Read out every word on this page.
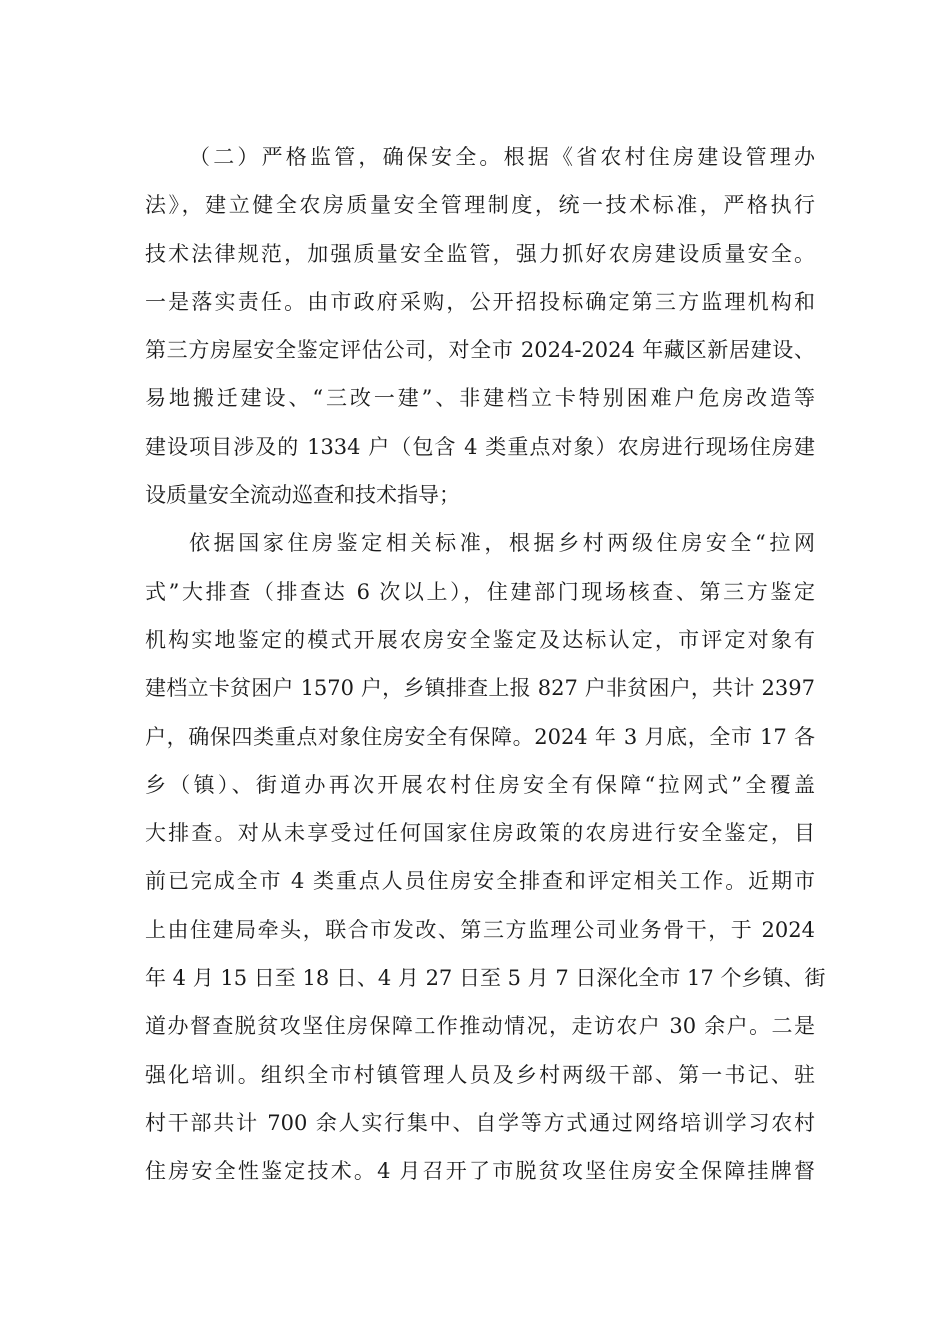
（二）严格监管，确保安全。根据《省农村住房建设管理办
法》，建立健全农房质量安全管理制度，统一技术标准，严格执行
技术法律规范，加强质量安全监管，强力抓好农房建设质量安全。
一是落实责任。由市政府采购，公开招投标确定第三方监理机构和
第三方房屋安全鉴定评估公司，对全市 2024-2024 年藏区新居建设、
易地搬迁建设、“三改一建”、非建档立卡特别困难户危房改造等
建设项目涉及的 1334 户（包含 4 类重点对象）农房进行现场住房建
设质量安全流动巡查和技术指导；
依据国家住房鉴定相关标准，根据乡村两级住房安全“拉网
式”大排查（排查达 6 次以上），住建部门现场核查、第三方鉴定
机构实地鉴定的模式开展农房安全鉴定及达标认定，市评定对象有
建档立卡贫困户 1570 户，乡镇排查上报 827 户非贫困户，共计 2397
户，确保四类重点对象住房安全有保障。2024 年 3 月底，全市 17 各
乡（镇）、街道办再次开展农村住房安全有保障“拉网式”全覆盖
大排查。对从未享受过任何国家住房政策的农房进行安全鉴定，目
前已完成全市 4 类重点人员住房安全排查和评定相关工作。近期市
上由住建局牵头，联合市发改、第三方监理公司业务骨干，于 2024
年 4 月 15 日至 18 日、4 月 27 日至 5 月 7 日深化全市 17 个乡镇、街
道办督查脱贫攻坚住房保障工作推动情况，走访农户 30 余户。二是
强化培训。组织全市村镇管理人员及乡村两级干部、第一书记、驻
村干部共计 700 余人实行集中、自学等方式通过网络培训学习农村
住房安全性鉴定技术。4 月召开了市脱贫攻坚住房安全保障挂牌督
